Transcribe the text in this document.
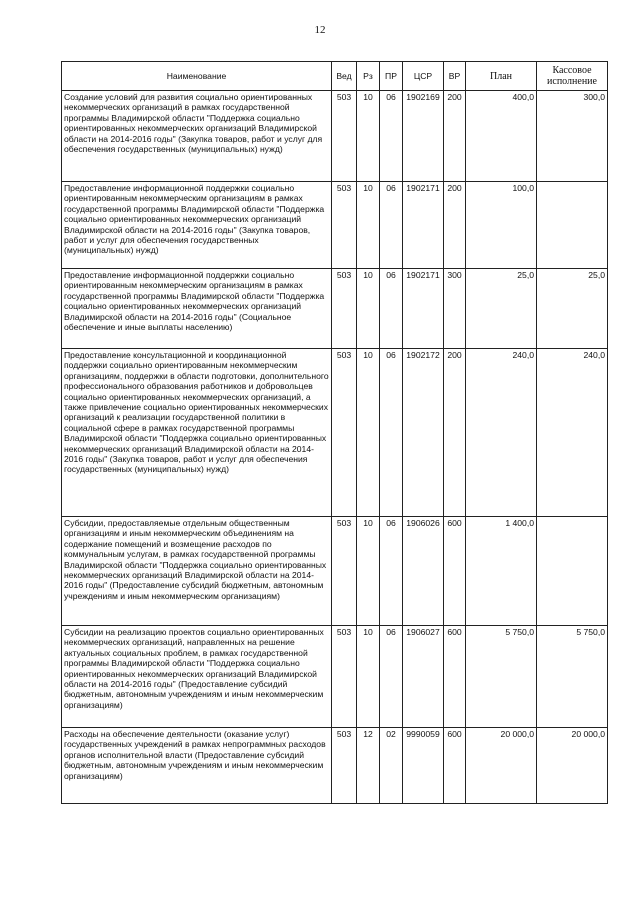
12
Наименование	Вед	Рз	ПР	ЦСР	ВР	План	Кассовое исполнение
Создание условий для развития социально ориентированных некоммерческих организаций в рамках государственной программы Владимирской области "Поддержка социально ориентированных некоммерческих организаций Владимирской области на 2014-2016 годы" (Закупка товаров, работ и услуг для обеспечения государственных (муниципальных) нужд)	503	10	06	1902169	200	400,0	300,0
Предоставление информационной поддержки социально ориентированным некоммерческим организациям в рамках государственной программы Владимирской области "Поддержка социально ориентированных некоммерческих организаций Владимирской области на 2014-2016 годы" (Закупка товаров, работ и услуг для обеспечения государственных (муниципальных) нужд)	503	10	06	1902171	200	100,0	
Предоставление информационной поддержки социально ориентированным некоммерческим организациям в рамках государственной программы Владимирской области "Поддержка социально ориентированных некоммерческих организаций Владимирской области на 2014-2016 годы" (Социальное обеспечение и иные выплаты населению)	503	10	06	1902171	300	25,0	25,0
Предоставление консультационной и координационной поддержки социально ориентированным некоммерческим организациям, поддержки в области подготовки, дополнительного профессионального образования работников и добровольцев социально ориентированных некоммерческих организаций, а также привлечение социально ориентированных некоммерческих организаций к реализации государственной политики в социальной сфере в рамках государственной программы Владимирской области "Поддержка социально ориентированных некоммерческих организаций Владимирской области на 2014-2016 годы" (Закупка товаров, работ и услуг для обеспечения государственных (муниципальных) нужд)	503	10	06	1902172	200	240,0	240,0
Субсидии, предоставляемые отдельным общественным организациям и иным некоммерческим объединениям на содержание помещений и возмещение расходов по коммунальным услугам, в рамках государственной программы Владимирской области "Поддержка социально ориентированных некоммерческих организаций Владимирской области на 2014-2016 годы" (Предоставление субсидий бюджетным, автономным учреждениям и иным некоммерческим организациям)	503	10	06	1906026	600	1 400,0	
Субсидии на реализацию проектов социально ориентированных некоммерческих организаций, направленных на решение актуальных социальных проблем, в рамках государственной программы Владимирской области "Поддержка социально ориентированных некоммерческих организаций Владимирской области на 2014-2016 годы" (Предоставление субсидий бюджетным, автономным учреждениям и иным некоммерческим организациям)	503	10	06	1906027	600	5 750,0	5 750,0
Расходы на обеспечение деятельности (оказание услуг) государственных учреждений в рамках непрограммных расходов органов исполнительной власти (Предоставление субсидий бюджетным, автономным учреждениям и иным некоммерческим организациям)	503	12	02	9990059	600	20 000,0	20 000,0
